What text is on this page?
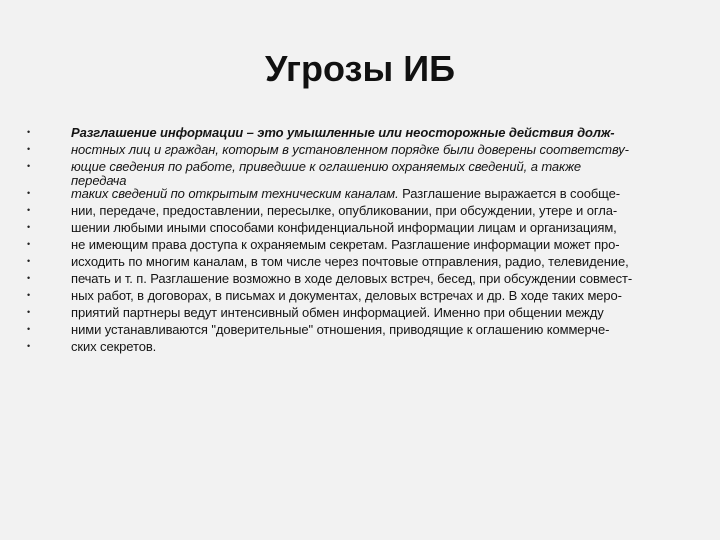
Угрозы ИБ
•	Разглашение информации – это умышленные или неосторожные действия долж-
•	ностных лиц и граждан, которым в установленном порядке были доверены соответству-
•	ющие сведения по работе, приведшие к оглашению охраняемых сведений, а также
передача
•	таких сведений по открытым техническим каналам. Разглашение выражается в сообще-
•	нии, передаче, предоставлении, пересылке, опубликовании, при обсуждении, утере и огла-
•	шении любыми иными способами конфиденциальной информации лицам и организациям,
•	не имеющим права доступа к охраняемым секретам. Разглашение информации может про-
•	исходить по многим каналам, в том числе через почтовые отправления, радио, телевидение,
•	печать и т. п. Разглашение возможно в ходе деловых встреч, бесед, при обсуждении совмест-
•	ных работ, в договорах, в письмах и документах, деловых встречах и др. В ходе таких меро-
•	приятий партнеры ведут интенсивный обмен информацией. Именно при общении между
•	ними устанавливаются "доверительные" отношения, приводящие к оглашению коммерче-
•	ских секретов.
